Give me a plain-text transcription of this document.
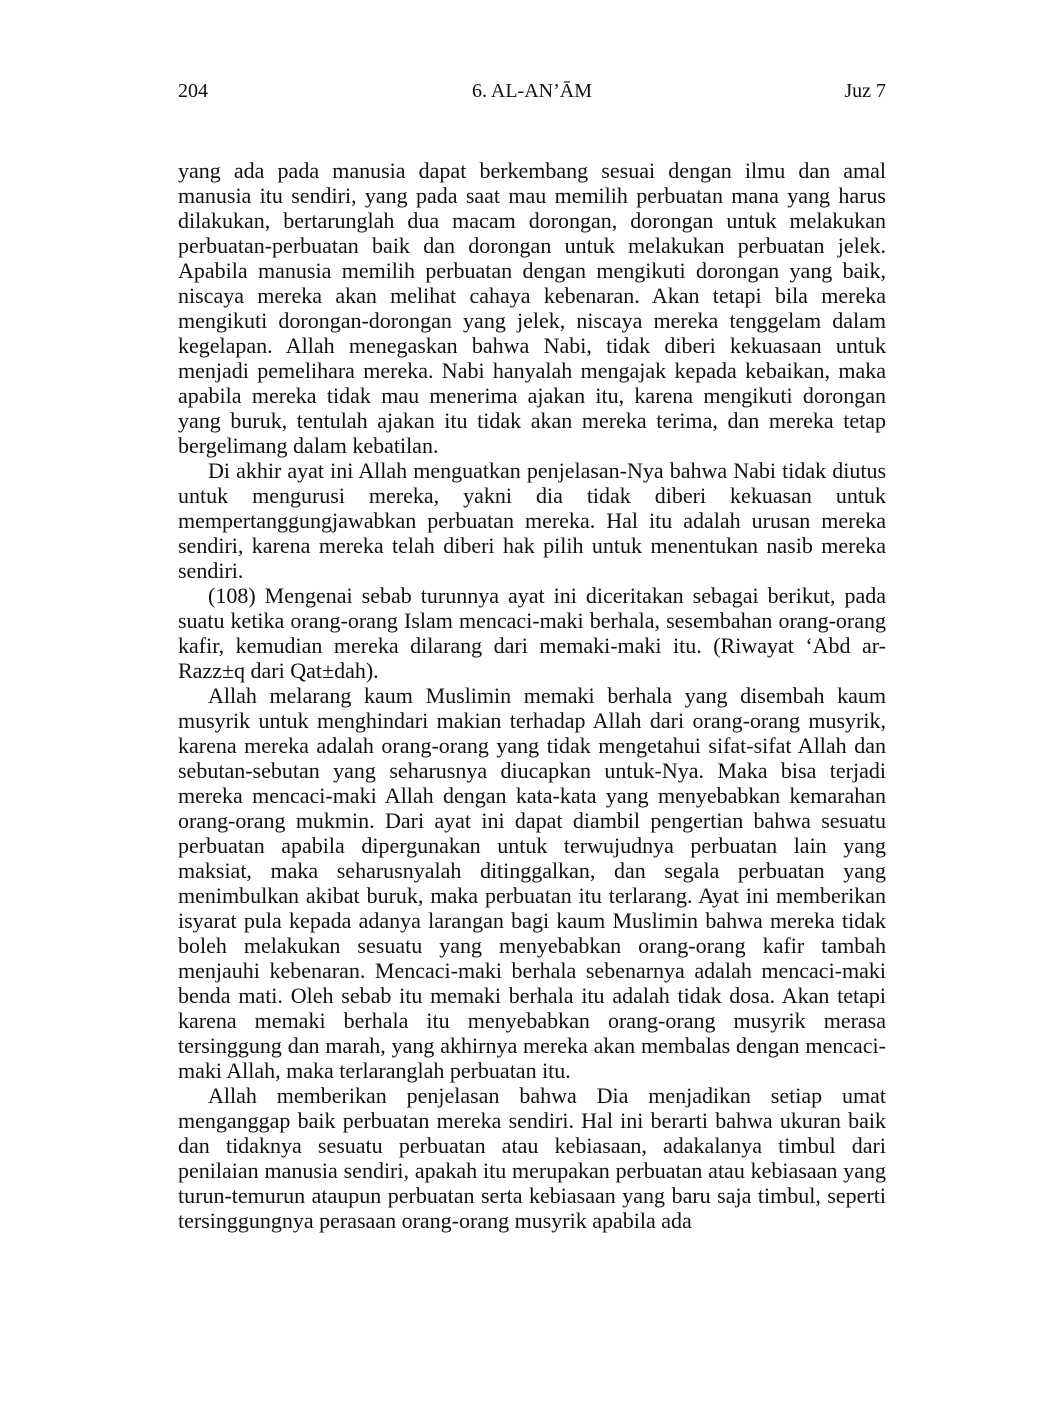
204	6. AL-AN’ĀM	Juz 7

yang ada pada manusia dapat berkembang sesuai dengan ilmu dan amal manusia itu sendiri, yang pada saat mau memilih perbuatan mana yang harus dilakukan, bertarunglah dua macam dorongan, dorongan untuk melakukan perbuatan-perbuatan baik dan dorongan untuk melakukan perbuatan jelek. Apabila manusia memilih perbuatan dengan mengikuti dorongan yang baik, niscaya mereka akan melihat cahaya kebenaran. Akan tetapi bila mereka mengikuti dorongan-dorongan yang jelek, niscaya mereka tenggelam dalam kegelapan. Allah menegaskan bahwa Nabi, tidak diberi kekuasaan untuk menjadi pemelihara mereka. Nabi hanyalah mengajak kepada kebaikan, maka apabila mereka tidak mau menerima ajakan itu, karena mengikuti dorongan yang buruk, tentulah ajakan itu tidak akan mereka terima, dan mereka tetap bergelimang dalam kebatilan.

Di akhir ayat ini Allah menguatkan penjelasan-Nya bahwa Nabi tidak diutus untuk mengurusi mereka, yakni dia tidak diberi kekuasan untuk mempertanggungjawabkan perbuatan mereka. Hal itu adalah urusan mereka sendiri, karena mereka telah diberi hak pilih untuk menentukan nasib mereka sendiri.

(108) Mengenai sebab turunnya ayat ini diceritakan sebagai berikut, pada suatu ketika orang-orang Islam mencaci-maki berhala, sesembahan orang-orang kafir, kemudian mereka dilarang dari memaki-maki itu. (Riwayat ‘Abd ar-Razz±q dari Qat±dah).

Allah melarang kaum Muslimin memaki berhala yang disembah kaum musyrik untuk menghindari makian terhadap Allah dari orang-orang musyrik, karena mereka adalah orang-orang yang tidak mengetahui sifat-sifat Allah dan sebutan-sebutan yang seharusnya diucapkan untuk-Nya. Maka bisa terjadi mereka mencaci-maki Allah dengan kata-kata yang menyebabkan kemarahan orang-orang mukmin. Dari ayat ini dapat diambil pengertian bahwa sesuatu perbuatan apabila dipergunakan untuk terwujudnya perbuatan lain yang maksiat, maka seharusnyalah ditinggalkan, dan segala perbuatan yang menimbulkan akibat buruk, maka perbuatan itu terlarang. Ayat ini memberikan isyarat pula kepada adanya larangan bagi kaum Muslimin bahwa mereka tidak boleh melakukan sesuatu yang menyebabkan orang-orang kafir tambah menjauhi kebenaran. Mencaci-maki berhala sebenarnya adalah mencaci-maki benda mati. Oleh sebab itu memaki berhala itu adalah tidak dosa. Akan tetapi karena memaki berhala itu menyebabkan orang-orang musyrik merasa tersinggung dan marah, yang akhirnya mereka akan membalas dengan mencaci-maki Allah, maka terlaranglah perbuatan itu.

Allah memberikan penjelasan bahwa Dia menjadikan setiap umat menganggap baik perbuatan mereka sendiri. Hal ini berarti bahwa ukuran baik dan tidaknya sesuatu perbuatan atau kebiasaan, adakalanya timbul dari penilaian manusia sendiri, apakah itu merupakan perbuatan atau kebiasaan yang turun-temurun ataupun perbuatan serta kebiasaan yang baru saja timbul, seperti tersinggungnya perasaan orang-orang musyrik apabila ada
